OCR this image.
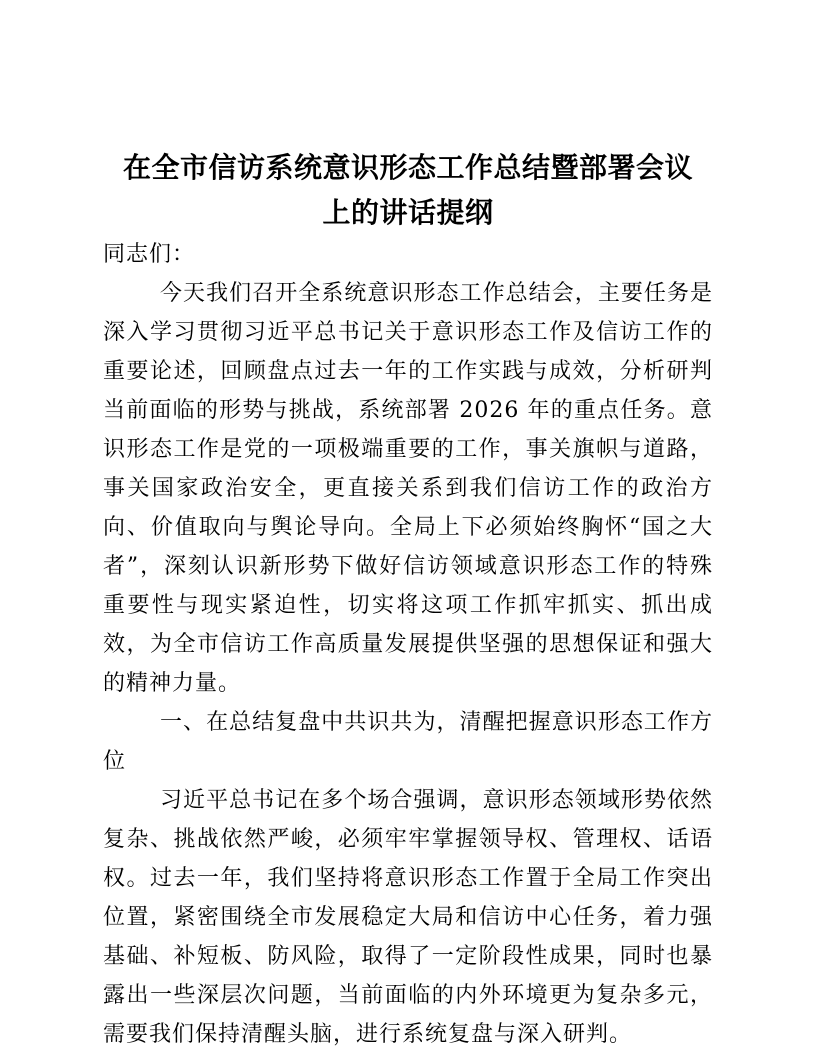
在全市信访系统意识形态工作总结暨部署会议上的讲话提纲

同志们：

今天我们召开全系统意识形态工作总结会，主要任务是深入学习贯彻习近平总书记关于意识形态工作及信访工作的重要论述，回顾盘点过去一年的工作实践与成效，分析研判当前面临的形势与挑战，系统部署 2026 年的重点任务。意识形态工作是党的一项极端重要的工作，事关旗帜与道路，事关国家政治安全，更直接关系到我们信访工作的政治方向、价值取向与舆论导向。全局上下必须始终胸怀“国之大者”，深刻认识新形势下做好信访领域意识形态工作的特殊重要性与现实紧迫性，切实将这项工作抓牢抓实、抓出成效，为全市信访工作高质量发展提供坚强的思想保证和强大的精神力量。

一、在总结复盘中共识共为，清醒把握意识形态工作方位

习近平总书记在多个场合强调，意识形态领域形势依然复杂、挑战依然严峻，必须牢牢掌握领导权、管理权、话语权。过去一年，我们坚持将意识形态工作置于全局工作突出位置，紧密围绕全市发展稳定大局和信访中心任务，着力强基础、补短板、防风险，取得了一定阶段性成果，同时也暴露出一些深层次问题，当前面临的内外环境更为复杂多元，需要我们保持清醒头脑，进行系统复盘与深入研判。
